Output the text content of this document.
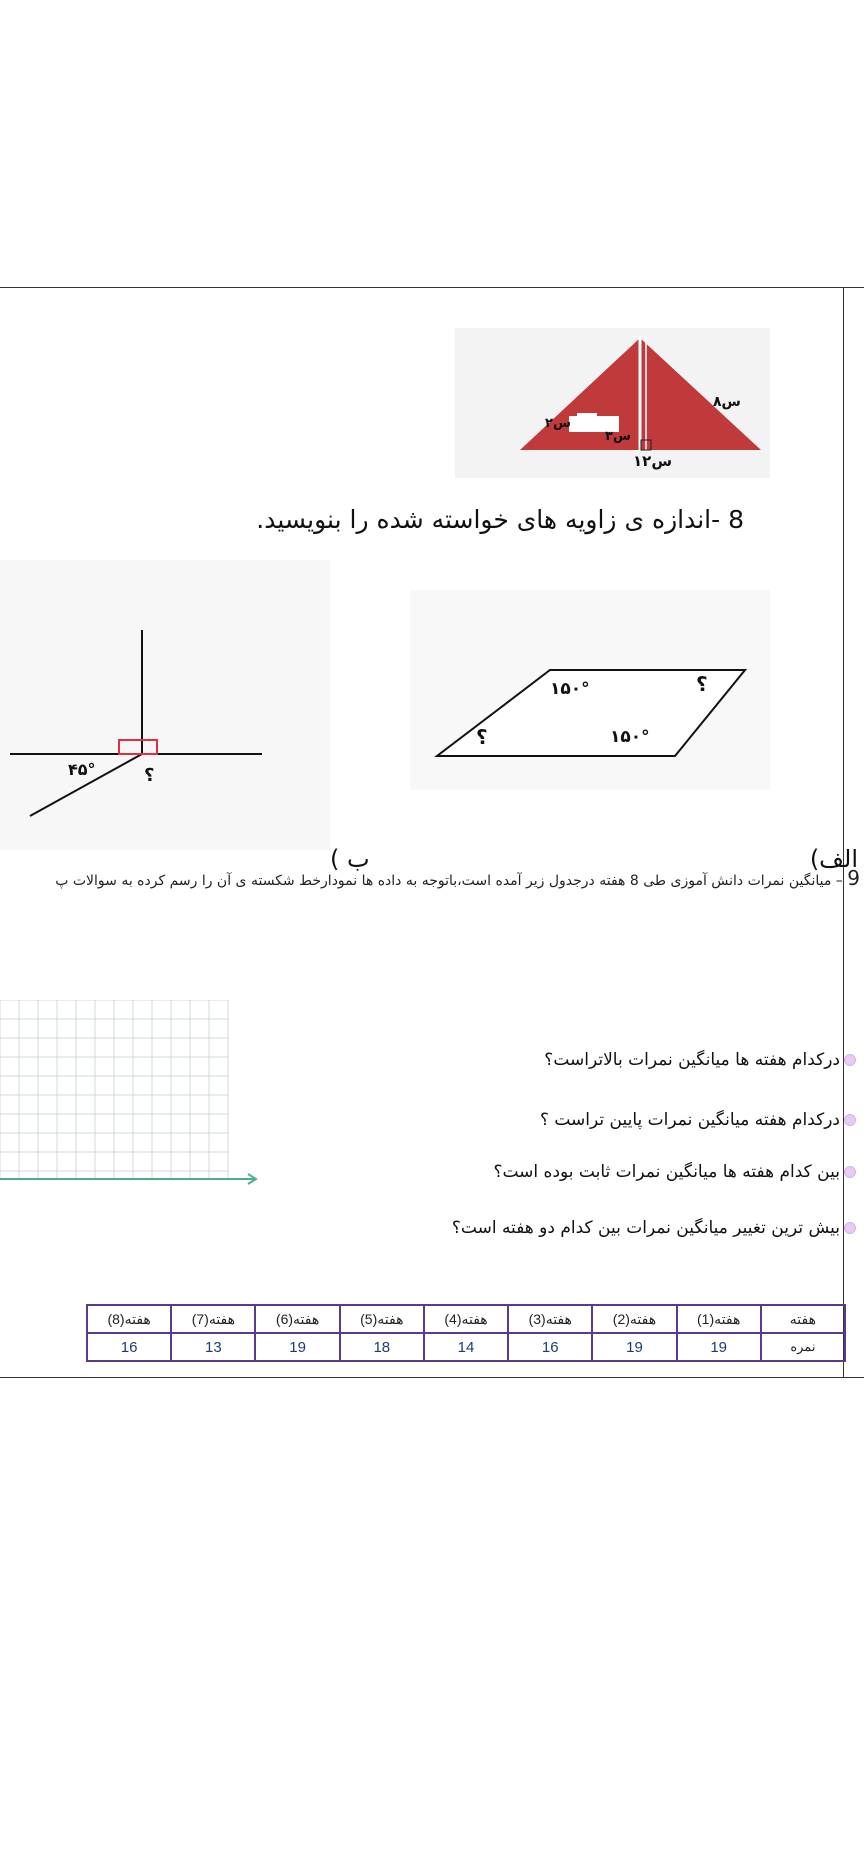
۸س
۲س
۳س
۱۲س
8 -اندازه ی زاویه های خواسته شده را بنویسید.
۴۵°	؟
۱۵۰°
۱۵۰°
؟
؟
الف)
ب )
9 – میانگین نمرات دانش آموزی طی 8 هفته درجدول زیر آمده است،باتوجه به داده ها نمودارخط شکسته ی آن را رسم کرده به سوالات پ
درکدام هفته ها میانگین نمرات بالاتراست؟
درکدام هفته میانگین نمرات پایین تراست ؟
بین کدام هفته ها میانگین نمرات ثابت بوده است؟
بیش ترین تغییر میانگین نمرات بین کدام دو هفته است؟
هفته	هفته(1)	هفته(2)	هفته(3)	هفته(4)	هفته(5)	هفته(6)	هفته(7)	هفته(8)
نمره	19	19	16	14	18	19	13	16
